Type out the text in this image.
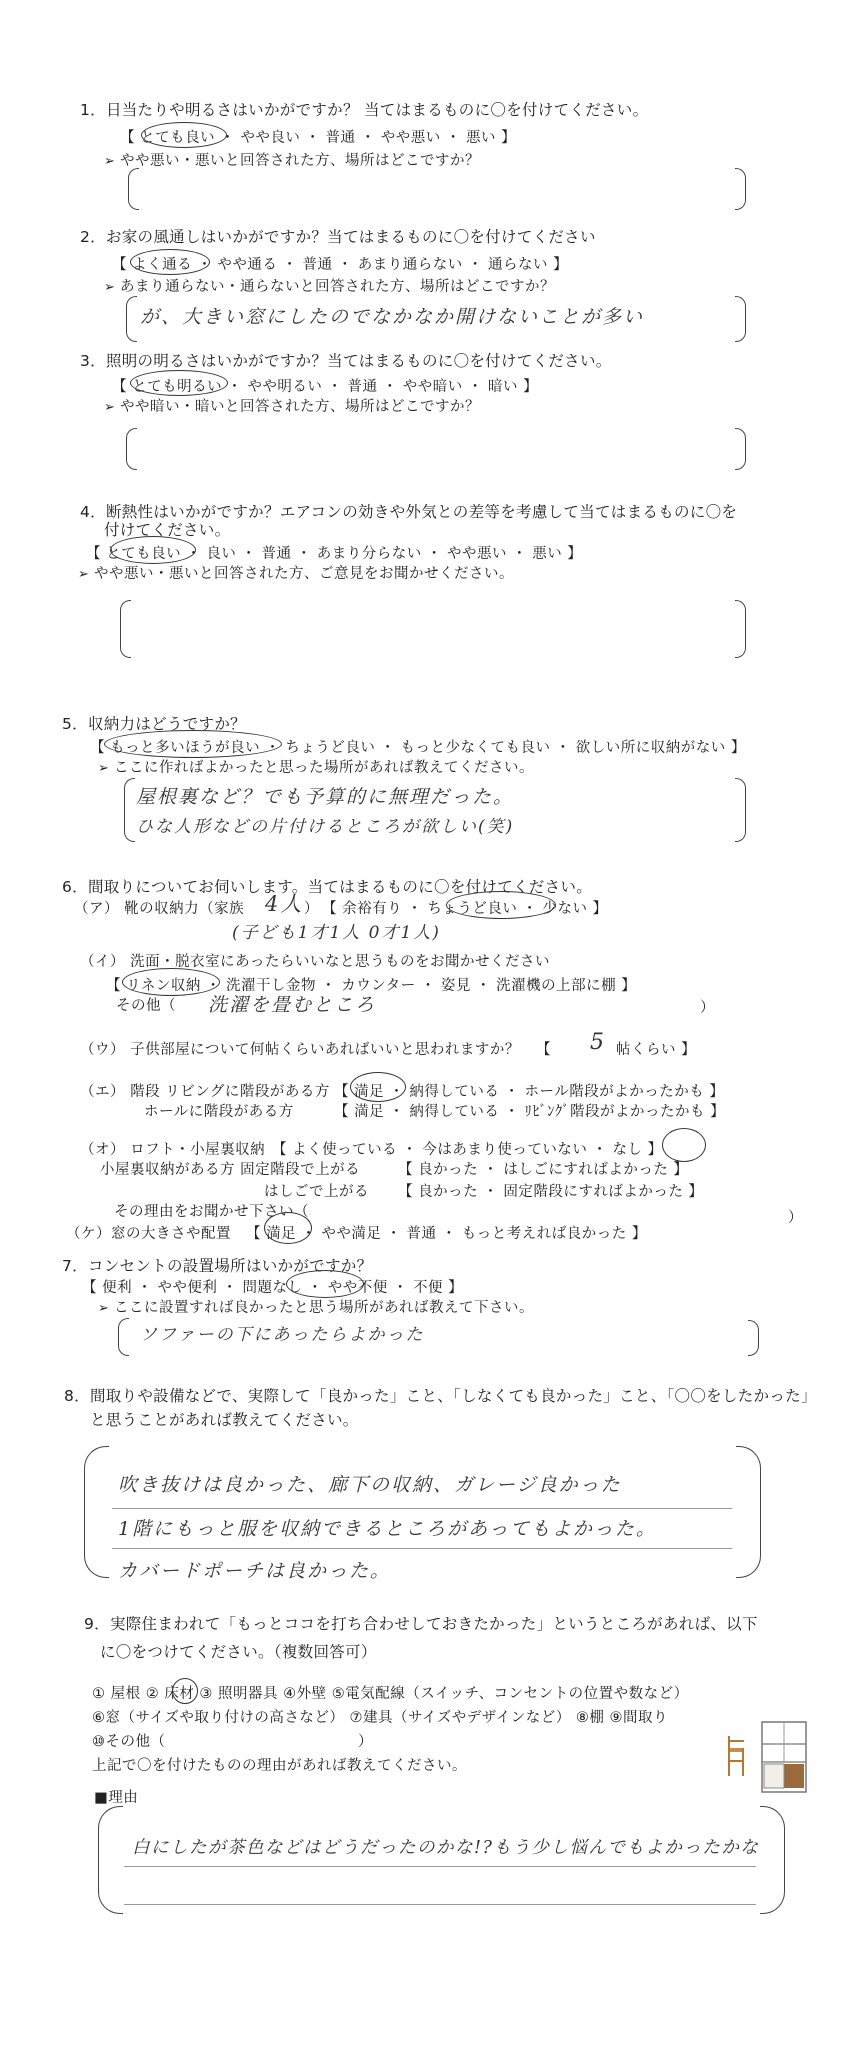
1．日当たりや明るさはいかがですか？ 当てはまるものに〇を付けてください。
【 とても良い ・ やや良い ・ 普通 ・ やや悪い ・ 悪い 】
➢ やや悪い・悪いと回答された方、場所はどこですか？
2．お家の風通しはいかがですか？当てはまるものに〇を付けてください
【 よく通る ・ やや通る ・ 普通 ・ あまり通らない ・ 通らない 】
➢ あまり通らない・通らないと回答された方、場所はどこですか？
が、大きい窓にしたのでなかなか開けないことが多い
3．照明の明るさはいかがですか？当てはまるものに〇を付けてください。
【 とても明るい ・ やや明るい ・ 普通 ・ やや暗い ・ 暗い 】
➢ やや暗い・暗いと回答された方、場所はどこですか？
4．断熱性はいかがですか？エアコンの効きや外気との差等を考慮して当てはまるものに〇を
付けてください。
【 とても良い ・ 良い ・ 普通 ・ あまり分らない ・ やや悪い ・ 悪い 】
➢ やや悪い・悪いと回答された方、ご意見をお聞かせください。
5．収納力はどうですか？
【 もっと多いほうが良い ・ ちょうど良い ・ もっと少なくても良い ・ 欲しい所に収納がない 】
➢ ここに作ればよかったと思った場所があれば教えてください。
屋根裏など？でも予算的に無理だった。
ひな人形などの片付けるところが欲しい(笑)
6．間取りについてお伺いします。当てはまるものに〇を付けてください。
（ア） 靴の収納力（家族 4人 ） 【 余裕有り ・ ちょうど良い ・ 少ない 】
(子ども1才1人 0才1人)
（イ） 洗面・脱衣室にあったらいいなと思うものをお聞かせください
【 リネン収納 ・ 洗濯干し金物 ・ カウンター ・ 姿見 ・ 洗濯機の上部に棚 】
その他（ 洗濯を畳むところ	）
（ウ） 子供部屋について何帖くらいあればいいと思われますか？ 【 5 帖くらい 】
（エ） 階段 リビングに階段がある方 【 満足 ・ 納得している ・ ホール階段がよかったかも 】
ホールに階段がある方	【 満足 ・ 納得している ・ ﾘﾋﾞﾝｸﾞ階段がよかったかも 】
（オ） ロフト・小屋裏収納 【 よく使っている ・ 今はあまり使っていない ・ なし 】
小屋裏収納がある方 固定階段で上がる	【 良かった ・ はしごにすればよかった 】
はしごで上がる 【 良かった ・ 固定階段にすればよかった 】
その理由をお聞かせ下さい（	）
（ケ）窓の大きさや配置 【 満足 ・ やや満足 ・ 普通 ・ もっと考えれば良かった 】
7．コンセントの設置場所はいかがですか？
【 便利 ・ やや便利 ・ 問題なし ・ やや不便 ・ 不便 】
➢ ここに設置すれば良かったと思う場所があれば教えて下さい。
ソファーの下にあったらよかった
8．間取りや設備などで、実際して「良かった」こと、「しなくても良かった」こと、「〇〇をしたかった」
と思うことがあれば教えてください。
吹き抜けは良かった、廊下の収納、ガレージ良かった
1階にもっと服を収納できるところがあってもよかった。
カバードポーチは良かった。
9．実際住まわれて「もっとココを打ち合わせしておきたかった」というところがあれば、以下
に〇をつけてください。（複数回答可）
① 屋根 ② 床材 ③ 照明器具 ④外壁 ⑤電気配線（スイッチ、コンセントの位置や数など）
⑥窓（サイズや取り付けの高さなど） ⑦建具（サイズやデザインなど） ⑧棚 ⑨間取り
⑩その他（	）
上記で〇を付けたものの理由があれば教えてください。
■理由
白にしたが茶色などはどうだったのかな!?もう少し悩んでもよかったかな
